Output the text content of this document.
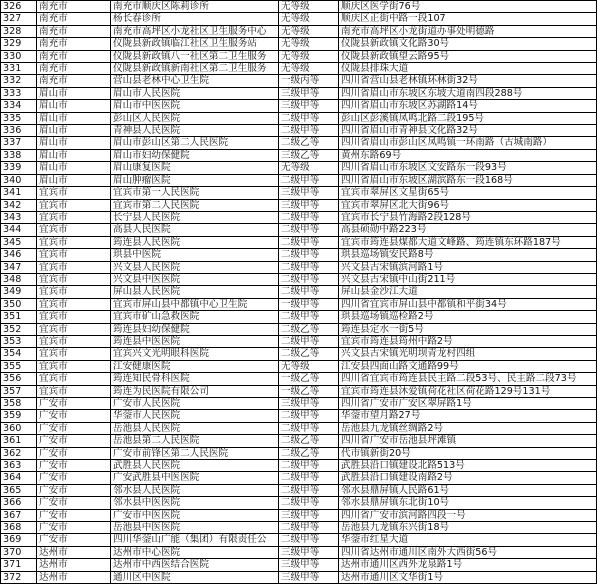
326	南充市	南充市顺庆区陈莉诊所	无等级	顺庆区医学街76号
327	南充市	杨长春诊所	无等级	顺庆区正街中路一段107
328	南充市	南充市高坪区小龙社区卫生服务中心	无等级	南充市高坪区小龙街道办事处明德路
329	南充市	仪陇县新政镇临江社区卫生服务站	无等级	仪陇县新政镇文化路30号
330	南充市	仪陇县新政镇八一社区第二卫生服务	无等级	仪陇县新政镇望云路95号
331	南充市	仪陇县新政镇新南社区第二卫生服务	无等级	仪陇县排珠大道
332	南充市	营山县老林中心卫生院	一级丙等	四川省营山县老林镇环林街32号
333	眉山市	眉山市人民医院	三级甲等	四川省眉山市东坡区东坡大道南四段288号
334	眉山市	眉山市中医医院	三级甲等	四川省眉山市东坡区苏湖路14号
335	眉山市	彭山区人民医院	二级甲等	彭山区彭溪镇凤鸣北路二段195号
336	眉山市	青神县人民医院	二级甲等	四川省眉山市青神县文化路32号
337	眉山市	眉山市彭山区第二人民医院	二级乙等	四川省眉山市彭山区凤鸣镇一环南路（古城南路）
338	眉山市	眉山市妇幼保健院	三级乙等	黄州东路69号
339	眉山市	眉山康复医院	无等级	四川省眉山市东坡区文安路东一段93号
340	眉山市	眉山肿瘤医院	二级甲等	四川省眉山市东坡区湖滨路东一段168号
341	宜宾市	宜宾市第一人民医院	三级甲等	宜宾市翠屏区文星街65号
342	宜宾市	宜宾市第二人民医院	三级甲等	宜宾市翠屏区北大街96号
343	宜宾市	长宁县人民医院	二级甲等	宜宾市长宁县竹海路2段128号
344	宜宾市	高县人民医院	二级甲等	高县硕勋中路223号
345	宜宾市	筠连县人民医院	二级甲等	宜宾市筠连县煤都大道文峰路、筠连镇东环路187号
346	宜宾市	珙县中医院	二级甲等	珙县巡场镇安民路8号
347	宜宾市	兴文县人民医院	二级甲等	兴文县古宋镇滨河路1号
348	宜宾市	兴文县中医医院	二级甲等	兴文县古宋镇中山街211号
349	宜宾市	屏山县人民医院	二级甲等	屏山县金沙江大道
350	宜宾市	宜宾市屏山县中都镇中心卫生院	一级甲等	四川省宜宾市屏山县中都镇和平街34号
351	宜宾市	宜宾市矿山急救医院	二级甲等	珙县巡场镇巡检路2号
352	宜宾市	筠连县妇幼保健院	二级乙等	筠连县定水一街5号
353	宜宾市	筠连县中医医院	二级甲等	宜宾市筠连县筠州中路2号
354	宜宾市	宜宾兴文光明眼科医院	二级乙等	兴文县古宋镇光明坝青龙村四组
355	宜宾市	江安健康医院	无等级	江安县四面山路文通路99号
356	宜宾市	筠连知民骨科医院	一级乙等	四川省宜宾市筠连县民主路二段53号、民主路二段73号
357	宜宾市	筠连为民医院有限公司	一级乙等	宜宾市筠连县沐爱镇荷花社区荷花路129号131号
358	广安市	广安市人民医院	三级甲等	四川省广安市广安区翠屏路1号
359	广安市	华蓥市人民医院	二级甲等	华蓥市望月路27号
360	广安市	岳池县人民医院	二级甲等	岳池县九龙镇丝绸路2号
361	广安市	岳池县第二人民医院	二级乙等	四川省广安市岳池县坪滩镇
362	广安市	广安市前锋区第二人民医院	二级乙等	代市镇新街20号
363	广安市	武胜县人民医院	二级甲等	武胜县沿口镇建设北路513号
364	广安市	广安武胜县中医医院	二级甲等	武胜县沿口镇建设南路2号
365	广安市	邻水县人民医院	二级甲等	邻水县鼎屏镇人民路61号
366	广安市	邻水县中医医院	二级甲等	邻水县鼎屏镇东北街10号
367	广安市	广安市中医医院	三级甲等	四川省广安市滨河路四段一号
368	广安市	岳池县中医医院	二级甲等	岳池县九龙镇东兴街18号
369	广安市	四川华蓥山广能（集团）有限责任公	二级甲等	华蓥市红星大道
370	达州市	达州市中心医院	三级甲等	四川省达州市通川区南外大西街56号
371	达州市	达州市中西医结合医院	三级甲等	达州市通川区西外龙泉路1号
372	达州市	通川区中医院	三级甲等	达州市通川区文华街1号
